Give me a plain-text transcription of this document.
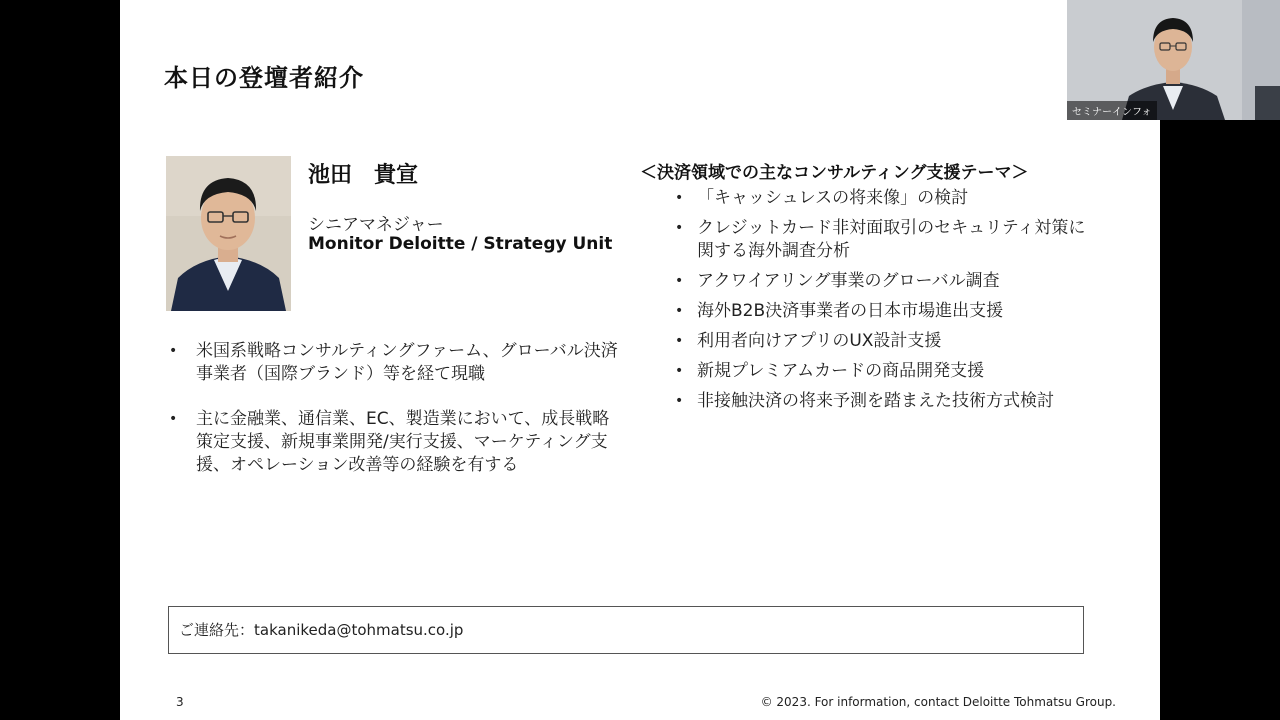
本日の登壇者紹介
池田　貴宣
シニアマネジャー
Monitor Deloitte / Strategy Unit
• 米国系戦略コンサルティングファーム、グローバル決済事業者（国際ブランド）等を経て現職
• 主に金融業、通信業、EC、製造業において、成長戦略策定支援、新規事業開発/実行支援、マーケティング支援、オペレーション改善等の経験を有する
＜決済領域での主なコンサルティング支援テーマ＞
• 「キャッシュレスの将来像」の検討
• クレジットカード非対面取引のセキュリティ対策に関する海外調査分析
• アクワイアリング事業のグローバル調査
• 海外B2B決済事業者の日本市場進出支援
• 利用者向けアプリのUX設計支援
• 新規プレミアムカードの商品開発支援
• 非接触決済の将来予測を踏まえた技術方式検討
ご連絡先：takanikeda@tohmatsu.co.jp
3	© 2023. For information, contact Deloitte Tohmatsu Group.
セミナーインフォ
